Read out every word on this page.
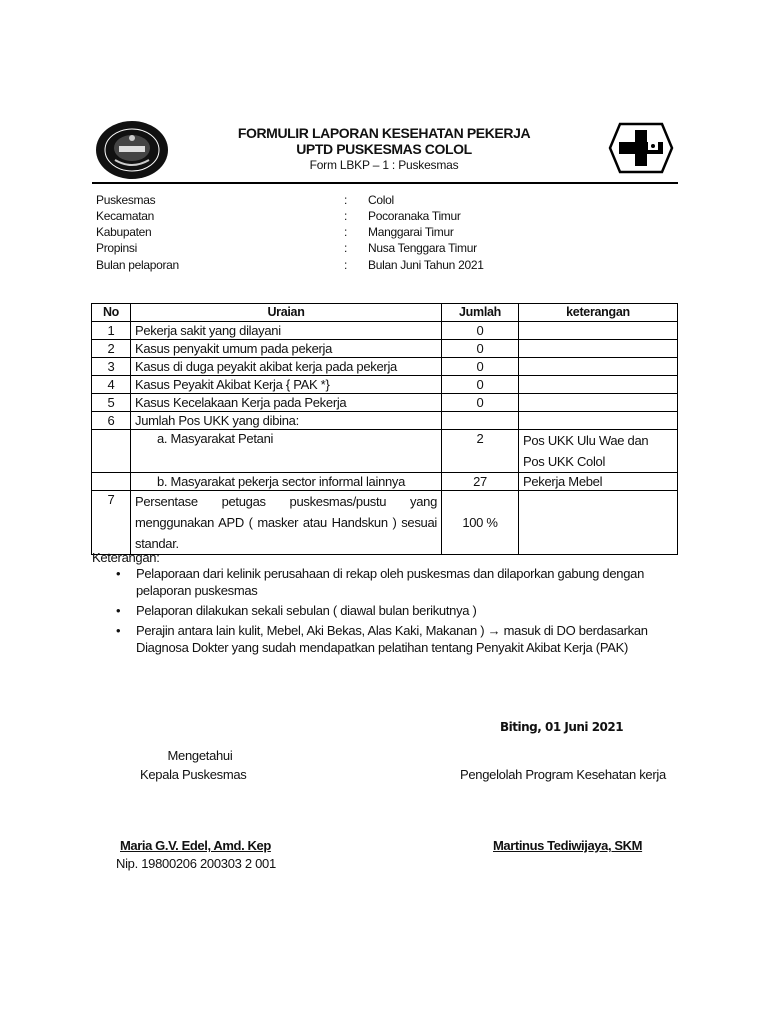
FORMULIR LAPORAN KESEHATAN PEKERJA
UPTD PUSKESMAS COLOL
Form LBKP – 1 : Puskesmas
Puskesmas	: Colol
Kecamatan	: Pocoranaka Timur
Kabupaten	: Manggarai Timur
Propinsi	: Nusa Tenggara Timur
Bulan pelaporan	: Bulan Juni Tahun 2021
No	Uraian	Jumlah	keterangan
1	Pekerja sakit yang dilayani	0	
2	Kasus penyakit umum pada pekerja	0	
3	Kasus di duga peyakit akibat kerja pada pekerja	0	
4	Kasus Peyakit Akibat Kerja { PAK *}	0	
5	Kasus Kecelakaan Kerja pada Pekerja	0	
6	Jumlah Pos UKK yang dibina:		
	a. Masyarakat Petani	2	Pos UKK Ulu Wae dan Pos UKK Colol
	b. Masyarakat pekerja sector informal lainnya	27	Pekerja Mebel
7	Persentase petugas puskesmas/pustu yang menggunakan APD ( masker atau Handskun ) sesuai standar.	100 %	
Keterangan:
• Pelaporaan dari kelinik perusahaan di rekap oleh puskesmas dan dilaporkan gabung dengan pelaporan puskesmas
• Pelaporan dilakukan sekali sebulan ( diawal bulan berikutnya )
• Perajin antara lain kulit, Mebel, Aki Bekas, Alas Kaki, Makanan ) → masuk di DO berdasarkan Diagnosa Dokter yang sudah mendapatkan pelatihan tentang Penyakit Akibat Kerja (PAK)
Biting, 01 Juni 2021
Mengetahui
Kepala Puskesmas	Pengelolah Program Kesehatan kerja
Maria G.V. Edel, Amd. Kep
Nip. 19800206 200303 2 001
Martinus Tediwijaya, SKM
